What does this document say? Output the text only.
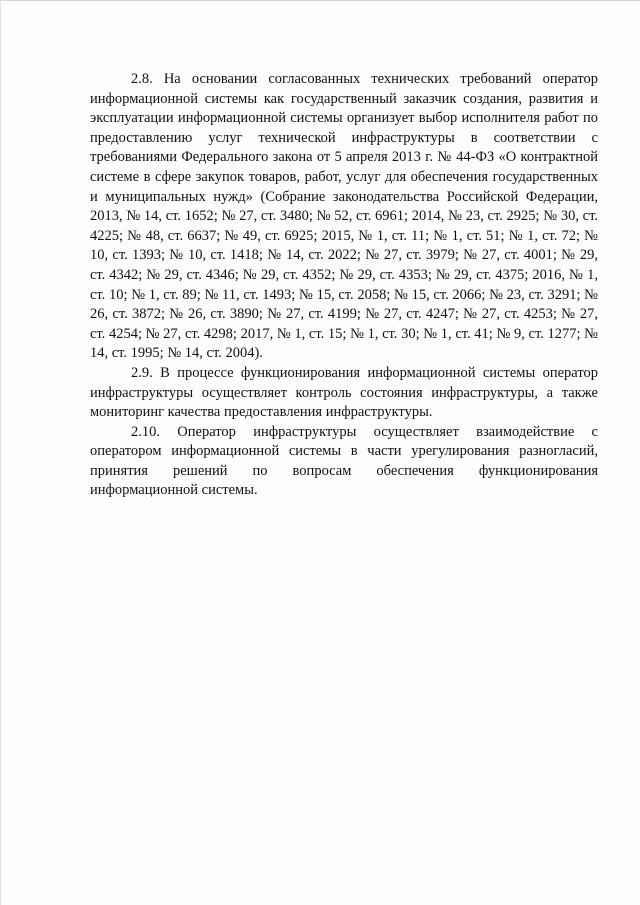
2.8. На основании согласованных технических требований оператор информационной системы как государственный заказчик создания, развития и эксплуатации информационной системы организует выбор исполнителя работ по предоставлению услуг технической инфраструктуры в соответствии с требованиями Федерального закона от 5 апреля 2013 г. № 44-ФЗ «О контрактной системе в сфере закупок товаров, работ, услуг для обеспечения государственных и муниципальных нужд» (Собрание законодательства Российской Федерации, 2013, № 14, ст. 1652; № 27, ст. 3480; № 52, ст. 6961; 2014, № 23, ст. 2925; № 30, ст. 4225; № 48, ст. 6637; № 49, ст. 6925; 2015, № 1, ст. 11; № 1, ст. 51; № 1, ст. 72; № 10, ст. 1393; № 10, ст. 1418; № 14, ст. 2022; № 27, ст. 3979; № 27, ст. 4001; № 29, ст. 4342; № 29, ст. 4346; № 29, ст. 4352; № 29, ст. 4353; № 29, ст. 4375; 2016, № 1, ст. 10; № 1, ст. 89; № 11, ст. 1493; № 15, ст. 2058; № 15, ст. 2066; № 23, ст. 3291; № 26, ст. 3872; № 26, ст. 3890; № 27, ст. 4199; № 27, ст. 4247; № 27, ст. 4253; № 27, ст. 4254; № 27, ст. 4298; 2017, № 1, ст. 15; № 1, ст. 30; № 1, ст. 41; № 9, ст. 1277; № 14, ст. 1995; № 14, ст. 2004).

2.9. В процессе функционирования информационной системы оператор инфраструктуры осуществляет контроль состояния инфраструктуры, а также мониторинг качества предоставления инфраструктуры.

2.10. Оператор инфраструктуры осуществляет взаимодействие с оператором информационной системы в части урегулирования разногласий, принятия решений по вопросам обеспечения функционирования информационной системы.
